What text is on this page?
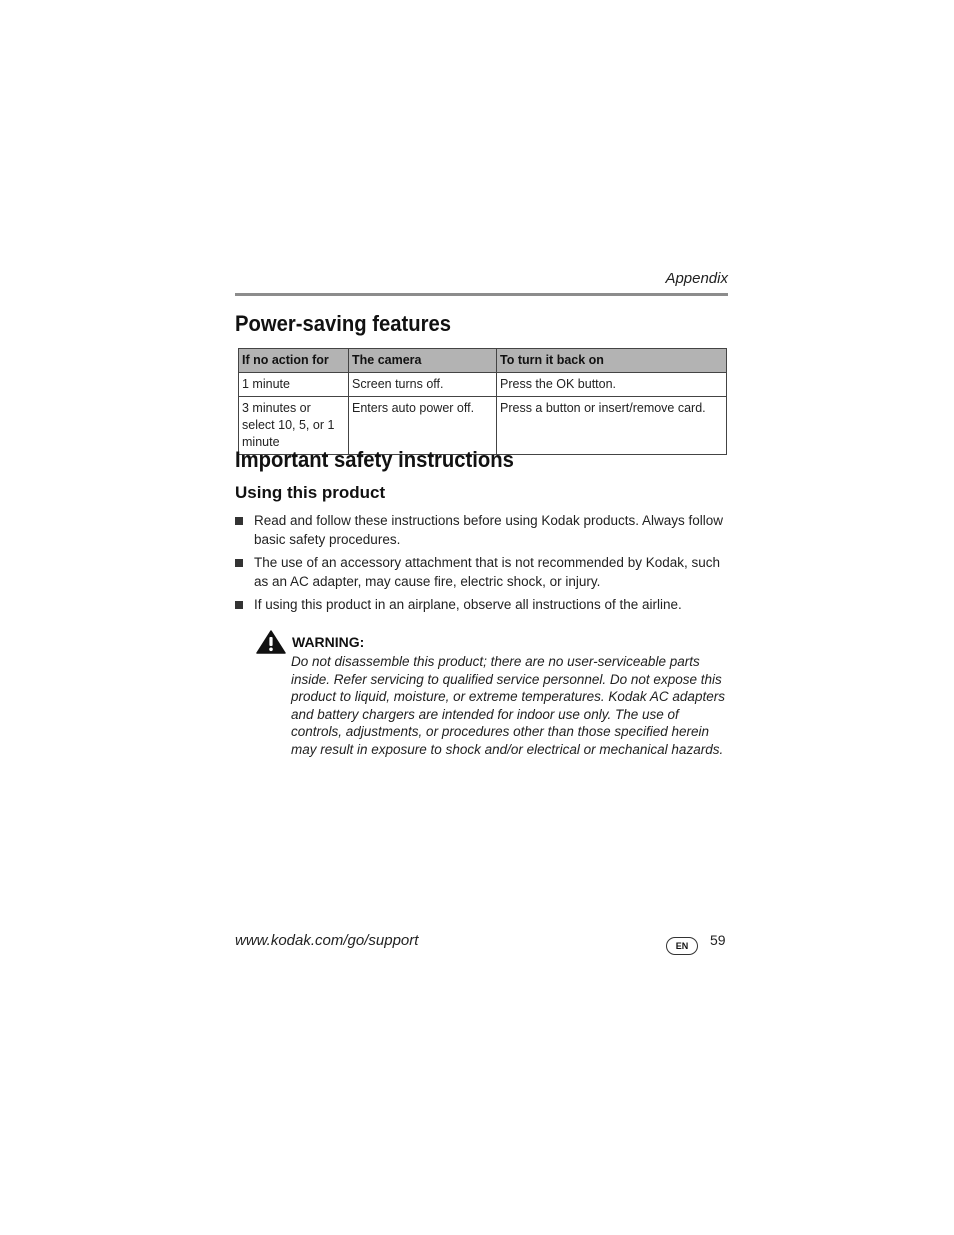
Appendix
Power-saving features
If no action for	The camera	To turn it back on
1 minute	Screen turns off.	Press the OK button.
3 minutes or select 10, 5, or 1 minute	Enters auto power off.	Press a button or insert/remove card.
Important safety instructions
Using this product
Read and follow these instructions before using Kodak products. Always follow basic safety procedures.
The use of an accessory attachment that is not recommended by Kodak, such as an AC adapter, may cause fire, electric shock, or injury.
If using this product in an airplane, observe all instructions of the airline.
WARNING:

Do not disassemble this product; there are no user-serviceable parts inside. Refer servicing to qualified service personnel. Do not expose this product to liquid, moisture, or extreme temperatures. Kodak AC adapters and battery chargers are intended for indoor use only. The use of controls, adjustments, or procedures other than those specified herein may result in exposure to shock and/or electrical or mechanical hazards.

www.kodak.com/go/support	EN	59
